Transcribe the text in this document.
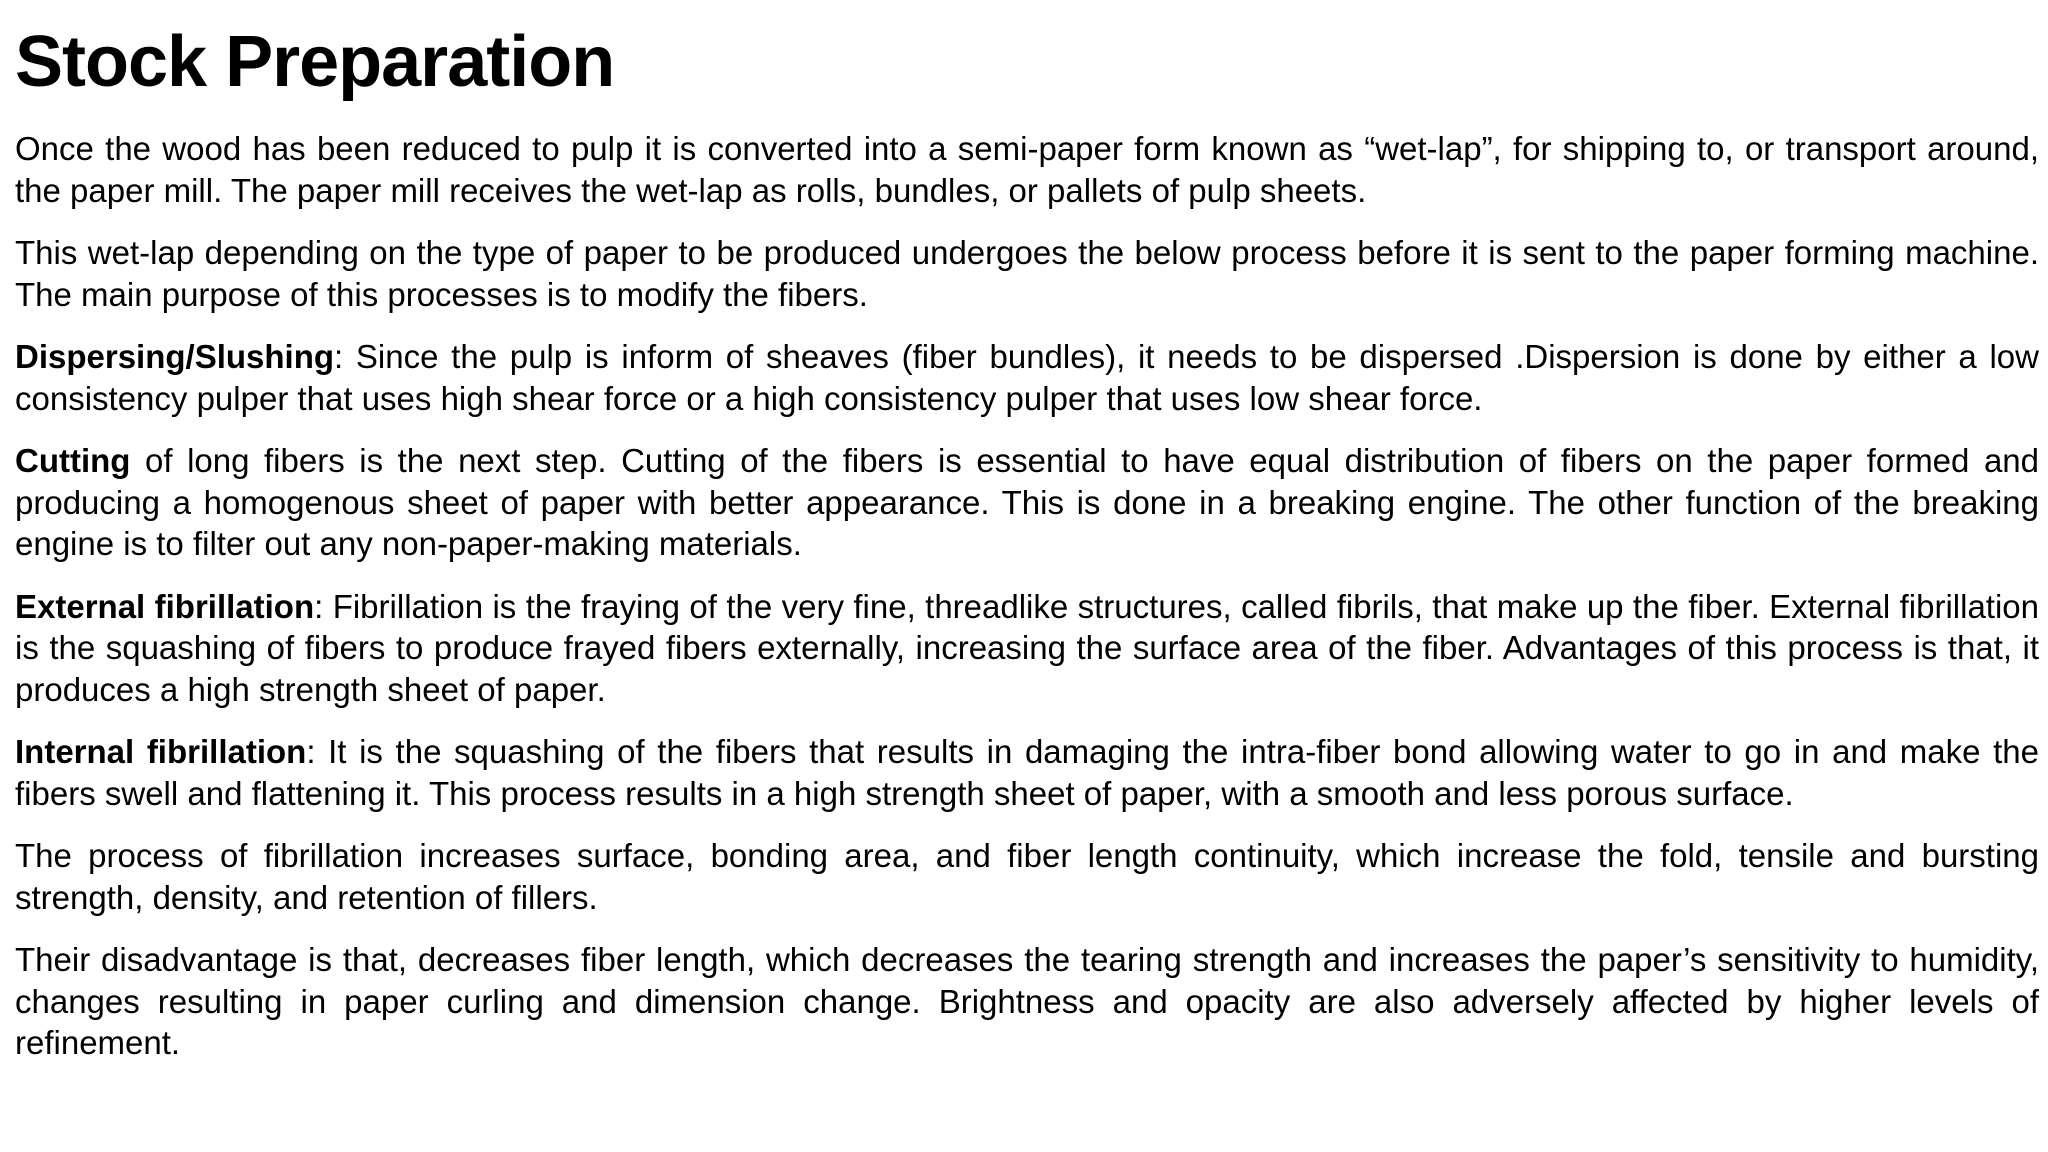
Stock Preparation

Once the wood has been reduced to pulp it is converted into a semi-paper form known as “wet-lap”, for shipping to, or transport around, the paper mill. The paper mill receives the wet-lap as rolls, bundles, or pallets of pulp sheets.

This wet-lap depending on the type of paper to be produced undergoes the below process before it is sent to the paper forming machine. The main purpose of this processes is to modify the fibers.

Dispersing/Slushing: Since the pulp is inform of sheaves (fiber bundles), it needs to be dispersed .Dispersion is done by either a low consistency pulper that uses high shear force or a high consistency pulper that uses low shear force.

Cutting of long fibers is the next step. Cutting of the fibers is essential to have equal distribution of fibers on the paper formed and producing a homogenous sheet of paper with better appearance. This is done in a breaking engine. The other function of the breaking engine is to filter out any non-paper-making materials.

External fibrillation: Fibrillation is the fraying of the very fine, threadlike structures, called fibrils, that make up the fiber. External fibrillation is the squashing of fibers to produce frayed fibers externally, increasing the surface area of the fiber. Advantages of this process is that, it produces a high strength sheet of paper.

Internal fibrillation: It is the squashing of the fibers that results in damaging the intra-fiber bond allowing water to go in and make the fibers swell and flattening it. This process results in a high strength sheet of paper, with a smooth and less porous surface.

The process of fibrillation increases surface, bonding area, and fiber length continuity, which increase the fold, tensile and bursting strength, density, and retention of fillers.

Their disadvantage is that, decreases fiber length, which decreases the tearing strength and increases the paper’s sensitivity to humidity, changes resulting in paper curling and dimension change. Brightness and opacity are also adversely affected by higher levels of refinement.
